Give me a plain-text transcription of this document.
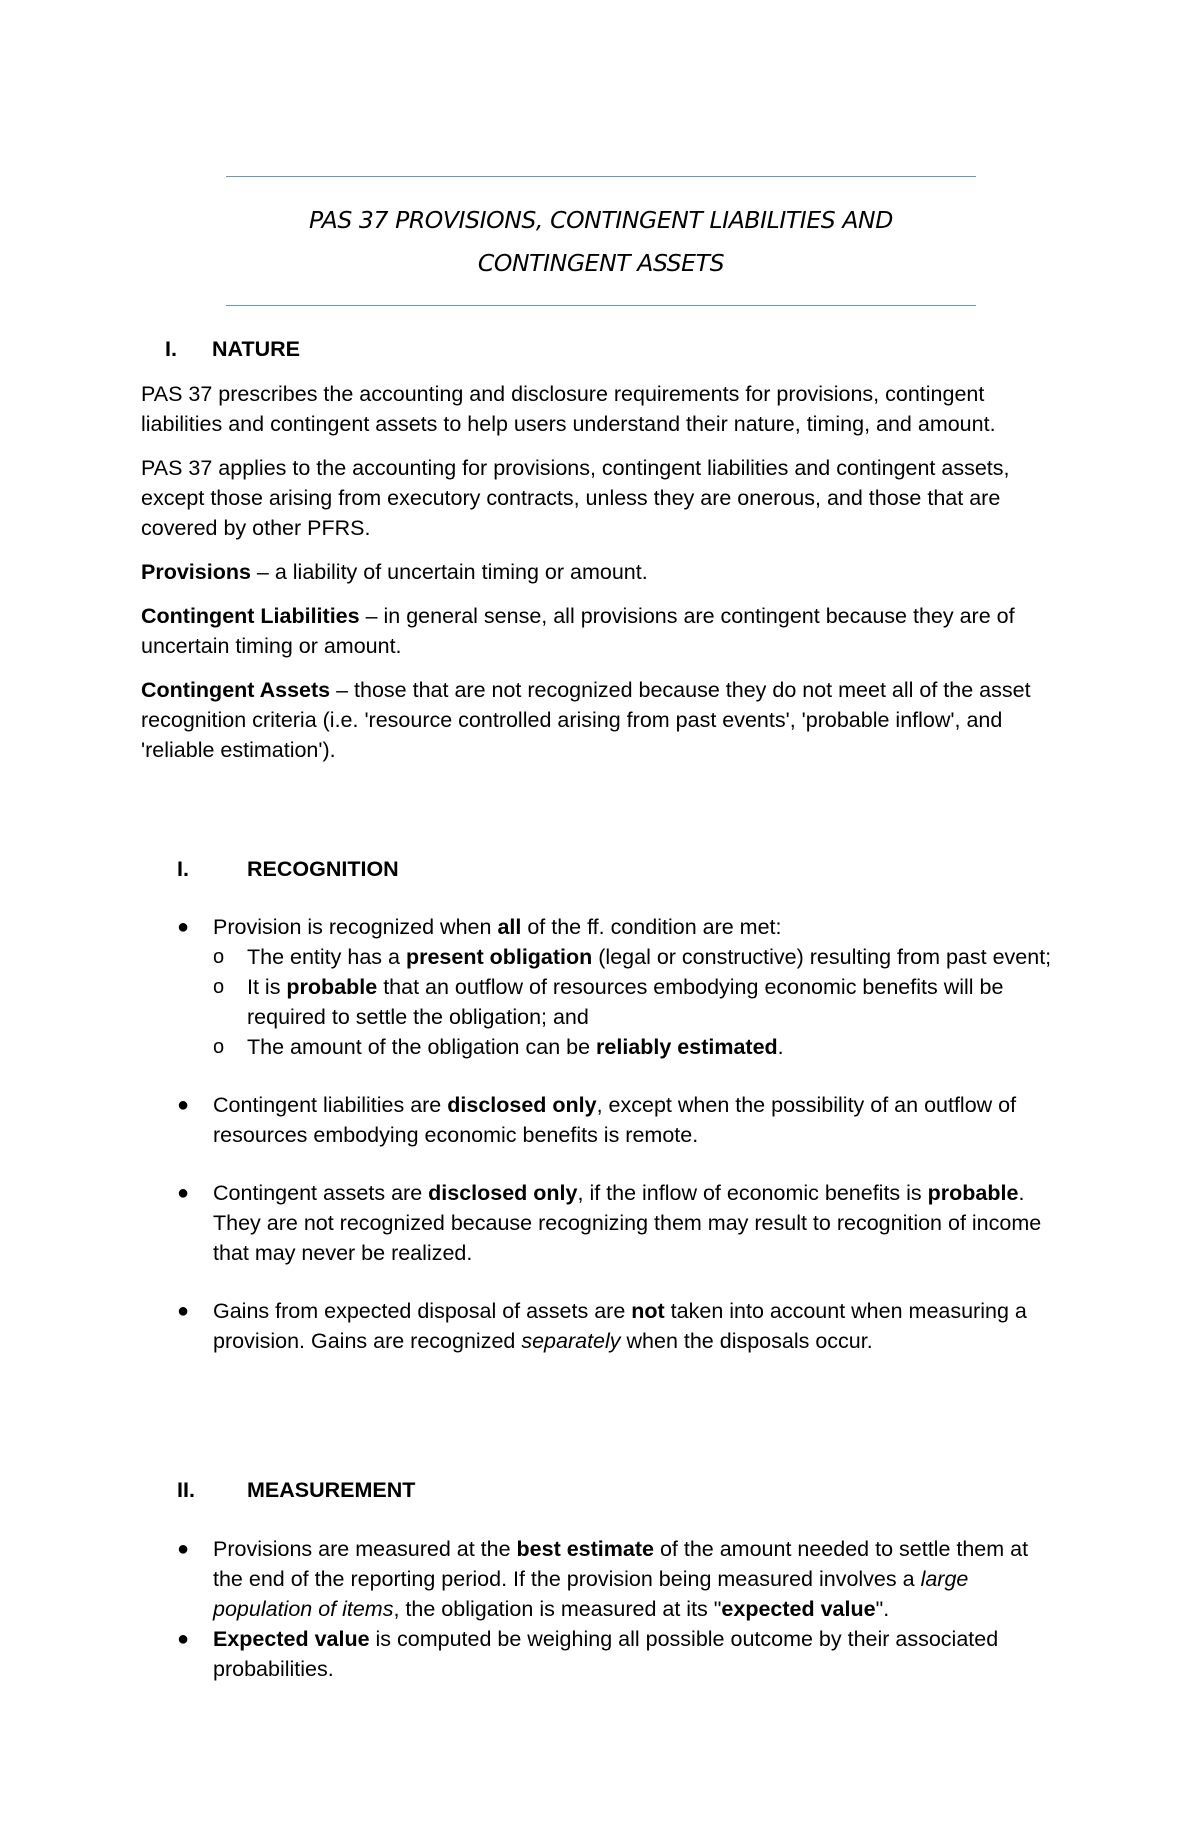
PAS 37 PROVISIONS, CONTINGENT LIABILITIES AND
CONTINGENT ASSETS
I. NATURE

PAS 37 prescribes the accounting and disclosure requirements for provisions, contingent liabilities and contingent assets to help users understand their nature, timing, and amount.

PAS 37 applies to the accounting for provisions, contingent liabilities and contingent assets, except those arising from executory contracts, unless they are onerous, and those that are covered by other PFRS.

Provisions – a liability of uncertain timing or amount.

Contingent Liabilities – in general sense, all provisions are contingent because they are of uncertain timing or amount.

Contingent Assets – those that are not recognized because they do not meet all of the asset recognition criteria (i.e. 'resource controlled arising from past events', 'probable inflow', and 'reliable estimation').

I.	RECOGNITION
● Provision is recognized when all of the ff. condition are met:
o The entity has a present obligation (legal or constructive) resulting from past event;
o It is probable that an outflow of resources embodying economic benefits will be required to settle the obligation; and
o The amount of the obligation can be reliably estimated.
● Contingent liabilities are disclosed only, except when the possibility of an outflow of resources embodying economic benefits is remote.
● Contingent assets are disclosed only, if the inflow of economic benefits is probable. They are not recognized because recognizing them may result to recognition of income that may never be realized.
● Gains from expected disposal of assets are not taken into account when measuring a provision. Gains are recognized separately when the disposals occur.
II. MEASUREMENT
● Provisions are measured at the best estimate of the amount needed to settle them at the end of the reporting period. If the provision being measured involves a large population of items, the obligation is measured at its "expected value".
● Expected value is computed be weighing all possible outcome by their associated probabilities.
